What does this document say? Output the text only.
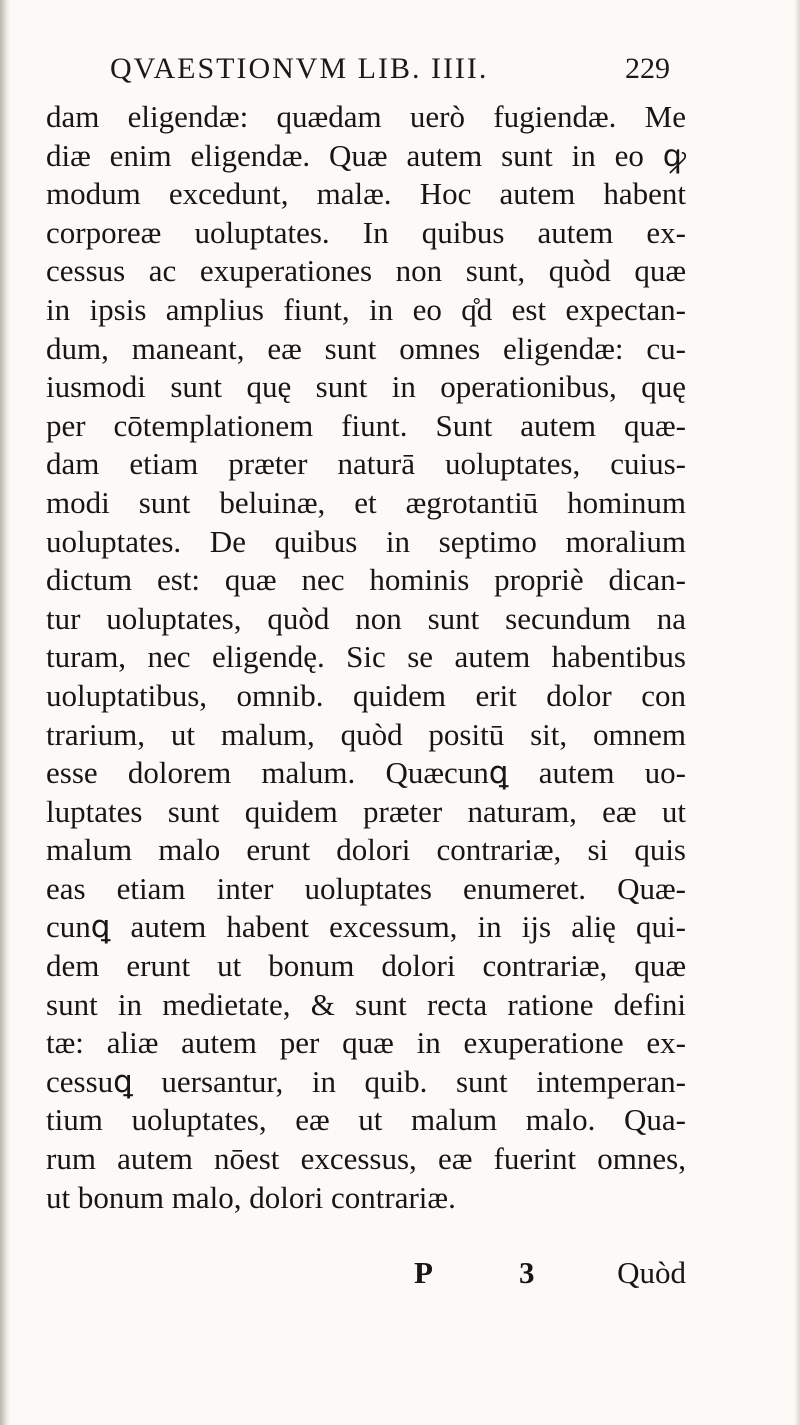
QVAESTIONVM LIB. IIII.	229
dam eligendæ: quædam uerò fugiendæ. Me
diæ enim eligendæ. Quæ autem sunt in eo ꝙ
modum excedunt, malæ. Hoc autem habent
corporeæ uoluptates. In quibus autem ex-
cessus ac exuperationes non sunt, quòd quæ
in ipsis amplius fiunt, in eo q̊d est expectan-
dum, maneant, eæ sunt omnes eligendæ: cu-
iusmodi sunt quę sunt in operationibus, quę
per cōtemplationem fiunt. Sunt autem quæ-
dam etiam præter naturā uoluptates, cuius-
modi sunt beluinæ, et ægrotantiū hominum
uoluptates. De quibus in septimo moralium
dictum est: quæ nec hominis propriè dican-
tur uoluptates, quòd non sunt secundum na
turam, nec eligendę. Sic se autem habentibus
uoluptatibus, omnib. quidem erit dolor con
trarium, ut malum, quòd positū sit, omnem
esse dolorem malum. Quæcunꝗ autem uo-
luptates sunt quidem præter naturam, eæ ut
malum malo erunt dolori contrariæ, si quis
eas etiam inter uoluptates enumeret. Quæ-
cunꝗ autem habent excessum, in ijs alię qui-
dem erunt ut bonum dolori contrariæ, quæ
sunt in medietate, & sunt recta ratione defini
tæ: aliæ autem per quæ in exuperatione ex-
cessuꝗ uersantur, in quib. sunt intemperan-
tium uoluptates, eæ ut malum malo. Qua-
rum autem nōest excessus, eæ fuerint omnes,
ut bonum malo, dolori contrariæ.
P 3 Quòd
